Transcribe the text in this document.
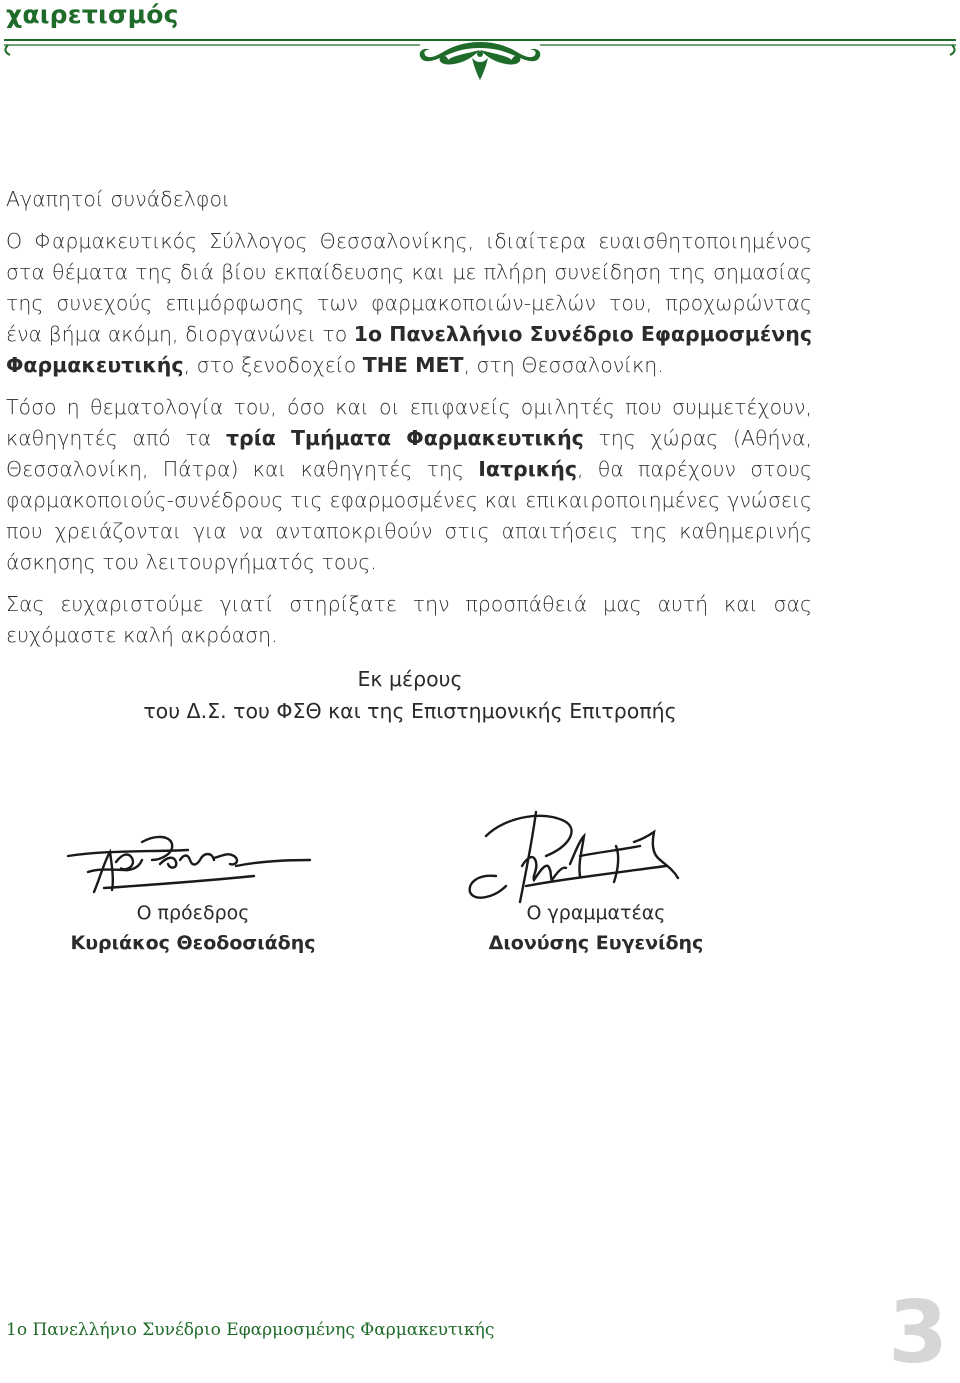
χαιρετισμός

Αγαπητοί συνάδελφοι

Ο Φαρμακευτικός Σύλλογος Θεσσαλονίκης, ιδιαίτερα ευαισθητοποιημένος στα θέματα της διά βίου εκπαίδευσης και με πλήρη συνείδηση της σημασίας της συνεχούς επιμόρφωσης των φαρμακοποιών-μελών του, προχωρώντας ένα βήμα ακόμη, διοργανώνει το 1ο Πανελλήνιο Συνέδριο Εφαρμοσμένης Φαρμακευτικής, στο ξενοδοχείο THE MET, στη Θεσσαλονίκη.

Τόσο η θεματολογία του, όσο και οι επιφανείς ομιλητές που συμμετέχουν, καθηγητές από τα τρία Τμήματα Φαρμακευτικής της χώρας (Αθήνα, Θεσσαλονίκη, Πάτρα) και καθηγητές της Ιατρικής, θα παρέχουν στους φαρμακοποιούς-συνέδρους τις εφαρμοσμένες και επικαιροποιημένες γνώσεις που χρειάζονται για να ανταποκριθούν στις απαιτήσεις της καθημερινής άσκησης του λειτουργήματός τους.

Σας ευχαριστούμε γιατί στηρίξατε την προσπάθειά μας αυτή και σας ευχόμαστε καλή ακρόαση.

Εκ μέρους
του Δ.Σ. του ΦΣΘ και της Επιστημονικής Επιτροπής
Ο πρόεδρος
Κυριάκος Θεοδοσιάδης
Ο γραμματέας
Διονύσης Ευγενίδης
1ο Πανελλήνιο Συνέδριο Εφαρμοσμένης Φαρμακευτικής	3
